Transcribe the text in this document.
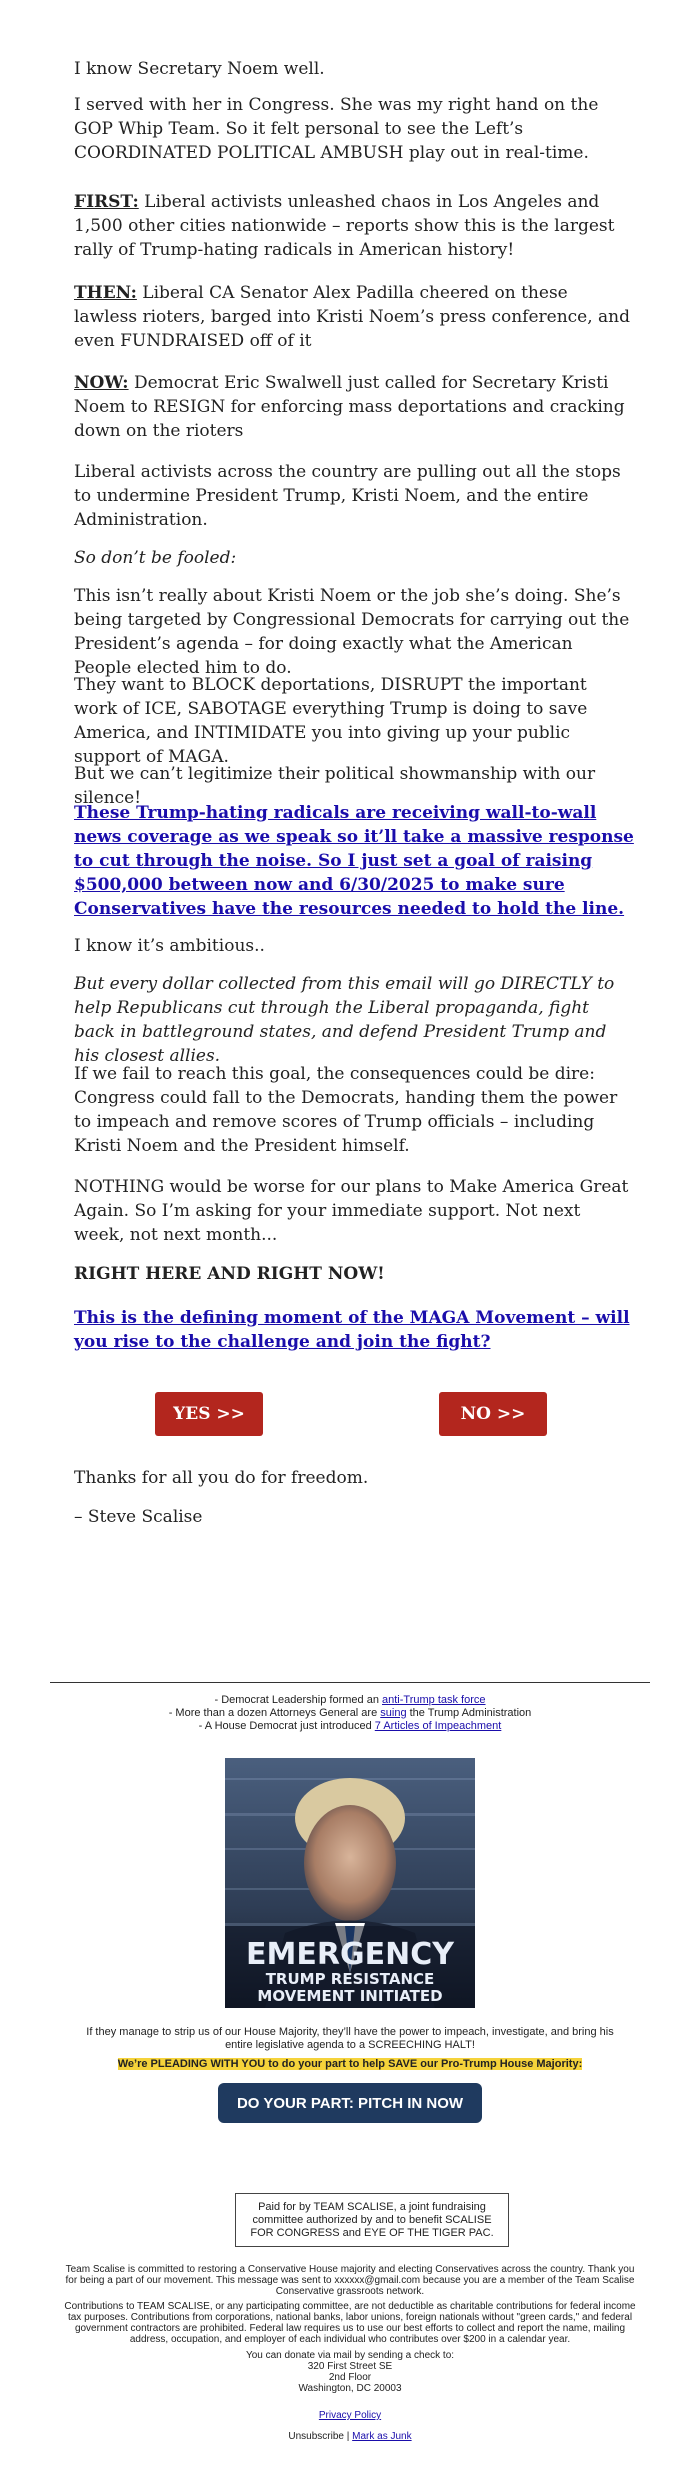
I know Secretary Noem well.

I served with her in Congress. She was my right hand on the GOP Whip Team. So it felt personal to see the Left’s COORDINATED POLITICAL AMBUSH play out in real-time.

FIRST: Liberal activists unleashed chaos in Los Angeles and 1,500 other cities nationwide – reports show this is the largest rally of Trump-hating radicals in American history!

THEN: Liberal CA Senator Alex Padilla cheered on these lawless rioters, barged into Kristi Noem’s press conference, and even FUNDRAISED off of it

NOW: Democrat Eric Swalwell just called for Secretary Kristi Noem to RESIGN for enforcing mass deportations and cracking down on the rioters

Liberal activists across the country are pulling out all the stops to undermine President Trump, Kristi Noem, and the entire Administration.

So don’t be fooled:

This isn’t really about Kristi Noem or the job she’s doing. She’s being targeted by Congressional Democrats for carrying out the President’s agenda – for doing exactly what the American People elected him to do.

They want to BLOCK deportations, DISRUPT the important work of ICE, SABOTAGE everything Trump is doing to save America, and INTIMIDATE you into giving up your public support of MAGA.

But we can’t legitimize their political showmanship with our silence!

These Trump-hating radicals are receiving wall-to-wall news coverage as we speak so it’ll take a massive response to cut through the noise. So I just set a goal of raising $500,000 between now and 6/30/2025 to make sure Conservatives have the resources needed to hold the line.

I know it’s ambitious..

But every dollar collected from this email will go DIRECTLY to help Republicans cut through the Liberal propaganda, fight back in battleground states, and defend President Trump and his closest allies.

If we fail to reach this goal, the consequences could be dire: Congress could fall to the Democrats, handing them the power to impeach and remove scores of Trump officials – including Kristi Noem and the President himself.

NOTHING would be worse for our plans to Make America Great Again. So I’m asking for your immediate support. Not next week, not next month...

RIGHT HERE AND RIGHT NOW!

This is the defining moment of the MAGA Movement – will you rise to the challenge and join the fight?

YES >>	NO >>

Thanks for all you do for freedom.

– Steve Scalise

- Democrat Leadership formed an anti-Trump task force
- More than a dozen Attorneys General are suing the Trump Administration
- A House Democrat just introduced 7 Articles of Impeachment
EMERGENCY
TRUMP RESISTANCE
MOVEMENT INITIATED
If they manage to strip us of our House Majority, they’ll have the power to impeach, investigate, and bring his entire legislative agenda to a SCREECHING HALT!
We’re PLEADING WITH YOU to do your part to help SAVE our Pro-Trump House Majority:
DO YOUR PART: PITCH IN NOW
Paid for by TEAM SCALISE, a joint fundraising committee authorized by and to benefit SCALISE FOR CONGRESS and EYE OF THE TIGER PAC.
Team Scalise is committed to restoring a Conservative House majority and electing Conservatives across the country. Thank you for being a part of our movement. This message was sent to xxxxxx@gmail.com because you are a member of the Team Scalise Conservative grassroots network.
Contributions to TEAM SCALISE, or any participating committee, are not deductible as charitable contributions for federal income tax purposes. Contributions from corporations, national banks, labor unions, foreign nationals without "green cards," and federal government contractors are prohibited. Federal law requires us to use our best efforts to collect and report the name, mailing address, occupation, and employer of each individual who contributes over $200 in a calendar year.
You can donate via mail by sending a check to:
320 First Street SE
2nd Floor
Washington, DC 20003
Privacy Policy
Unsubscribe | Mark as Junk
